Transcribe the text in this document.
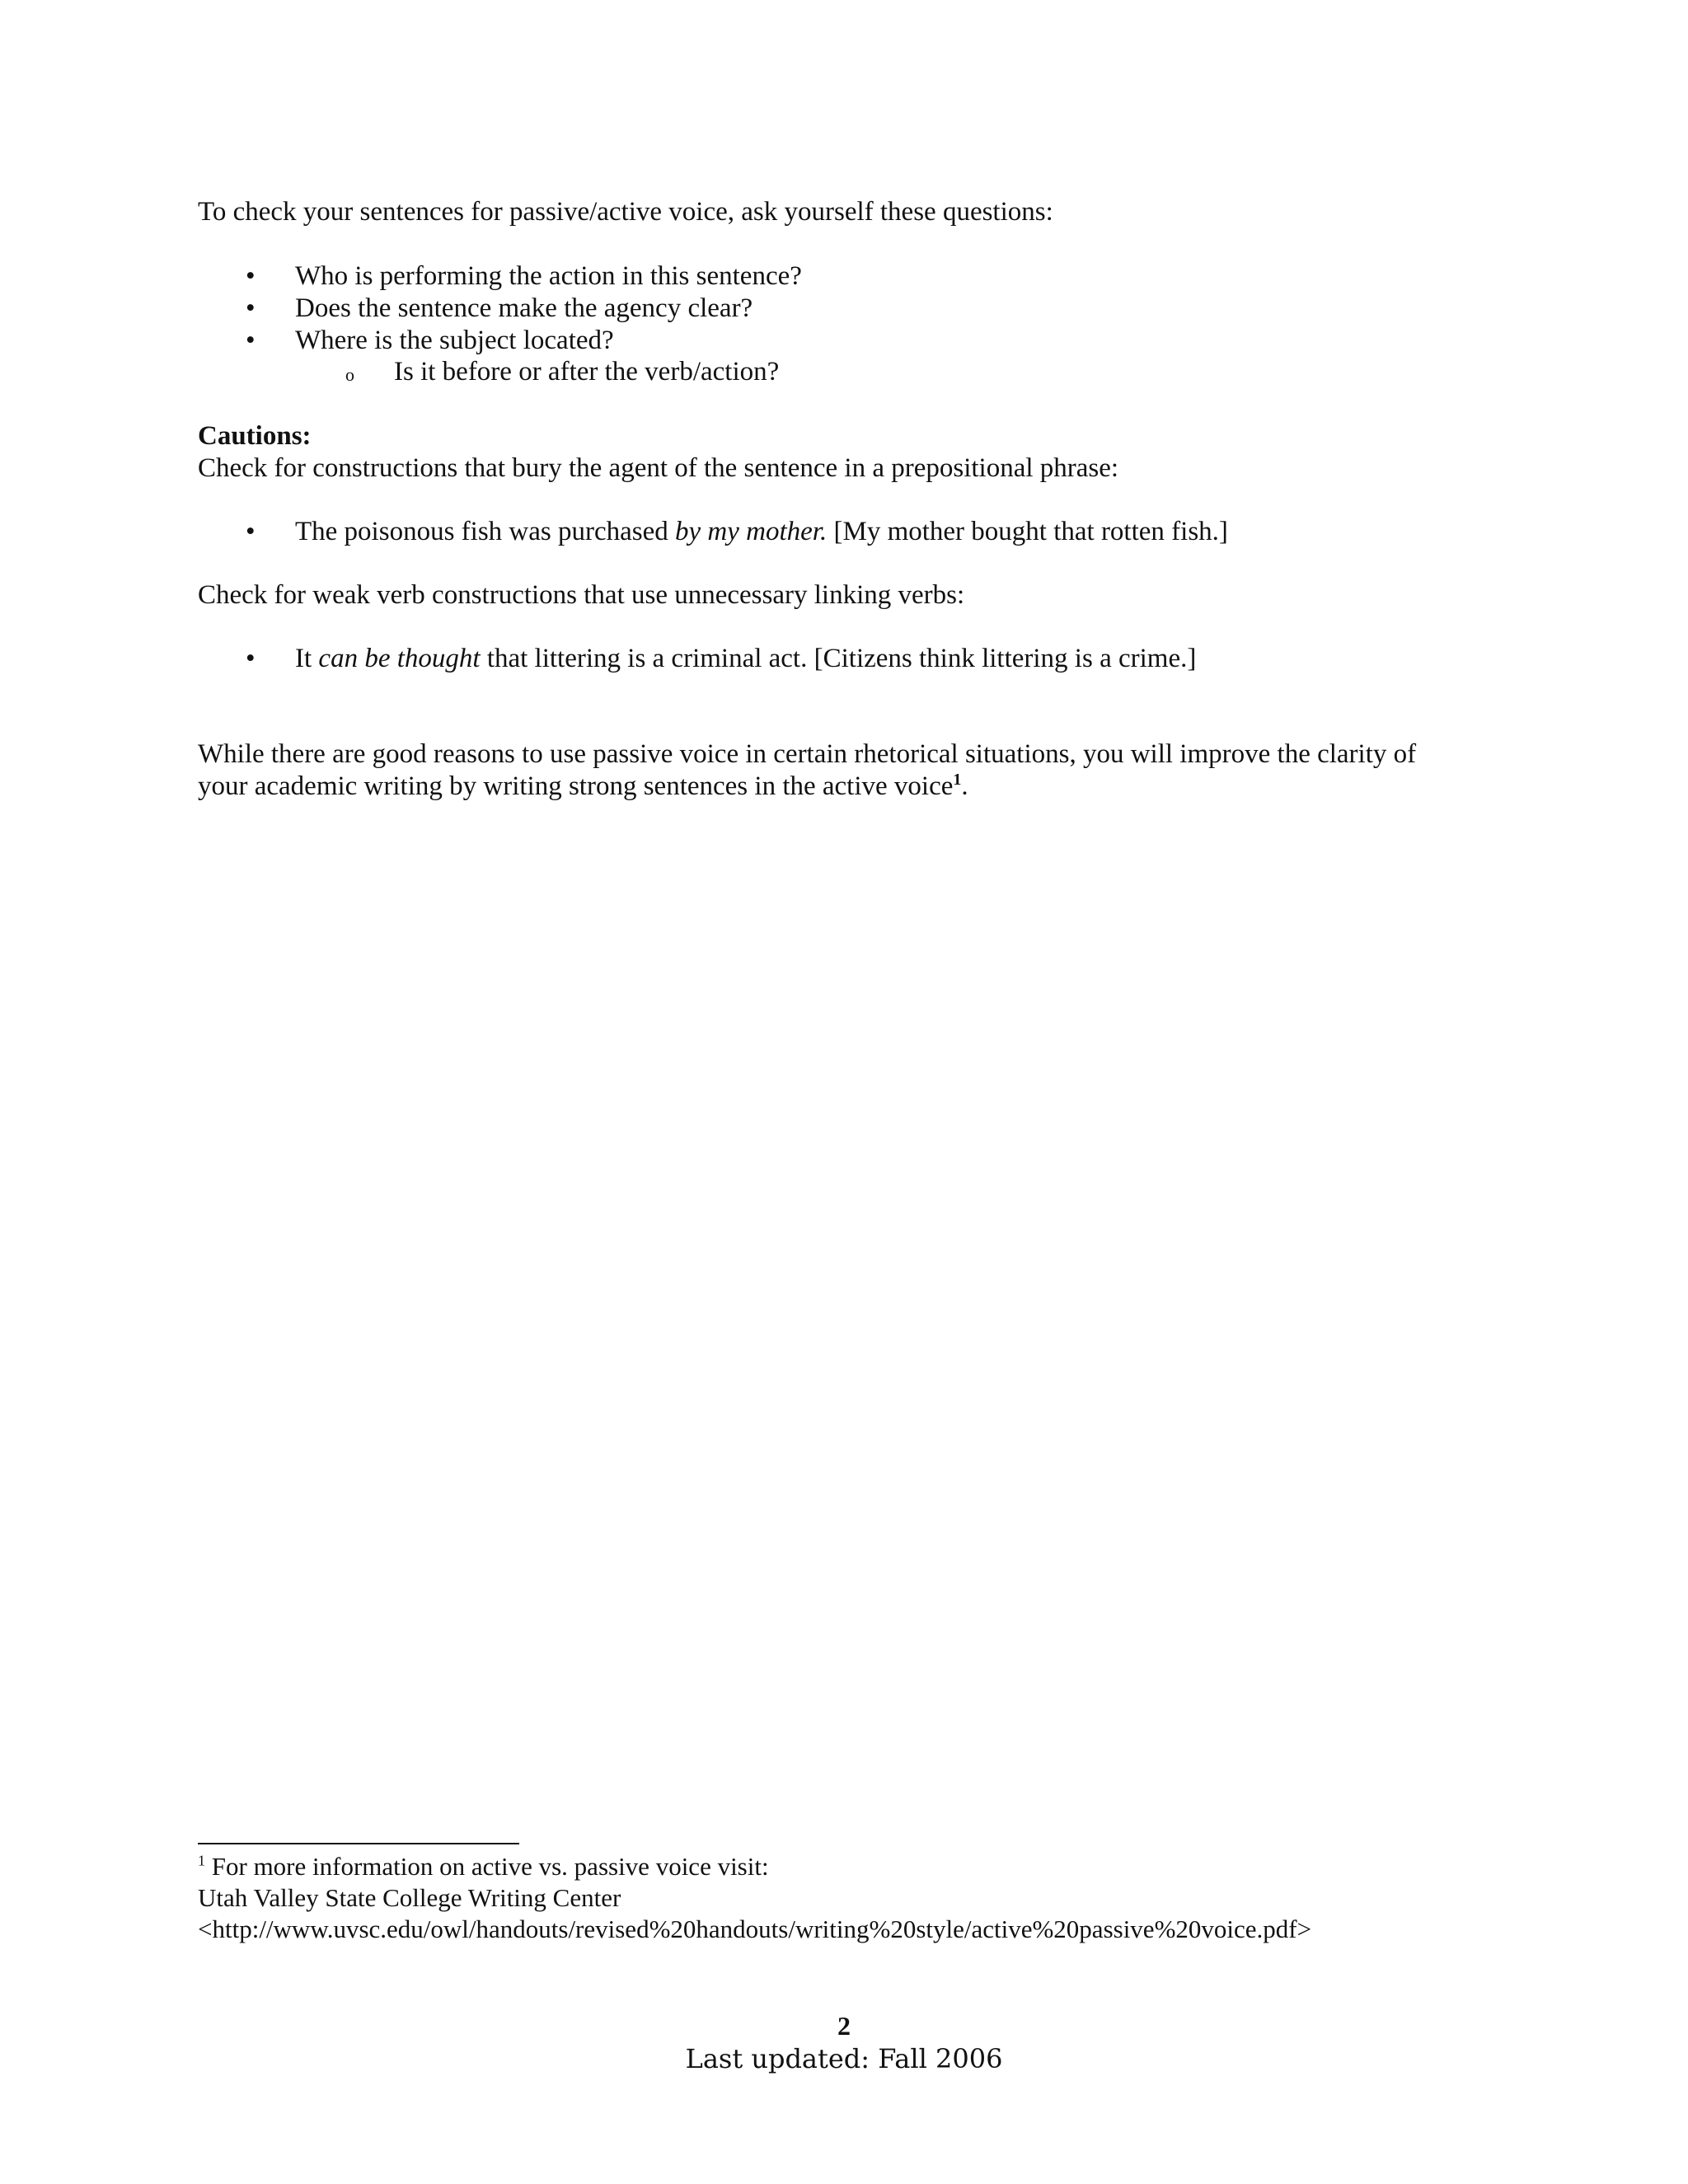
To check your sentences for passive/active voice, ask yourself these questions:

• Who is performing the action in this sentence?

• Does the sentence make the agency clear?

• Where is the subject located?

o Is it before or after the verb/action?

Cautions:

Check for constructions that bury the agent of the sentence in a prepositional phrase:

• The poisonous fish was purchased by my mother. [My mother bought that rotten fish.]

Check for weak verb constructions that use unnecessary linking verbs:

• It can be thought that littering is a criminal act. [Citizens think littering is a crime.]

While there are good reasons to use passive voice in certain rhetorical situations, you will improve the clarity of

your academic writing by writing strong sentences in the active voice$^1$.

$^1$ For more information on active vs. passive voice visit:

Utah Valley State College Writing Center

<http://www.uvsc.edu/owl/handouts/revised%20handouts/writing%20style/active%20passive%20voice.pdf>

2
Last updated: Fall 2006
